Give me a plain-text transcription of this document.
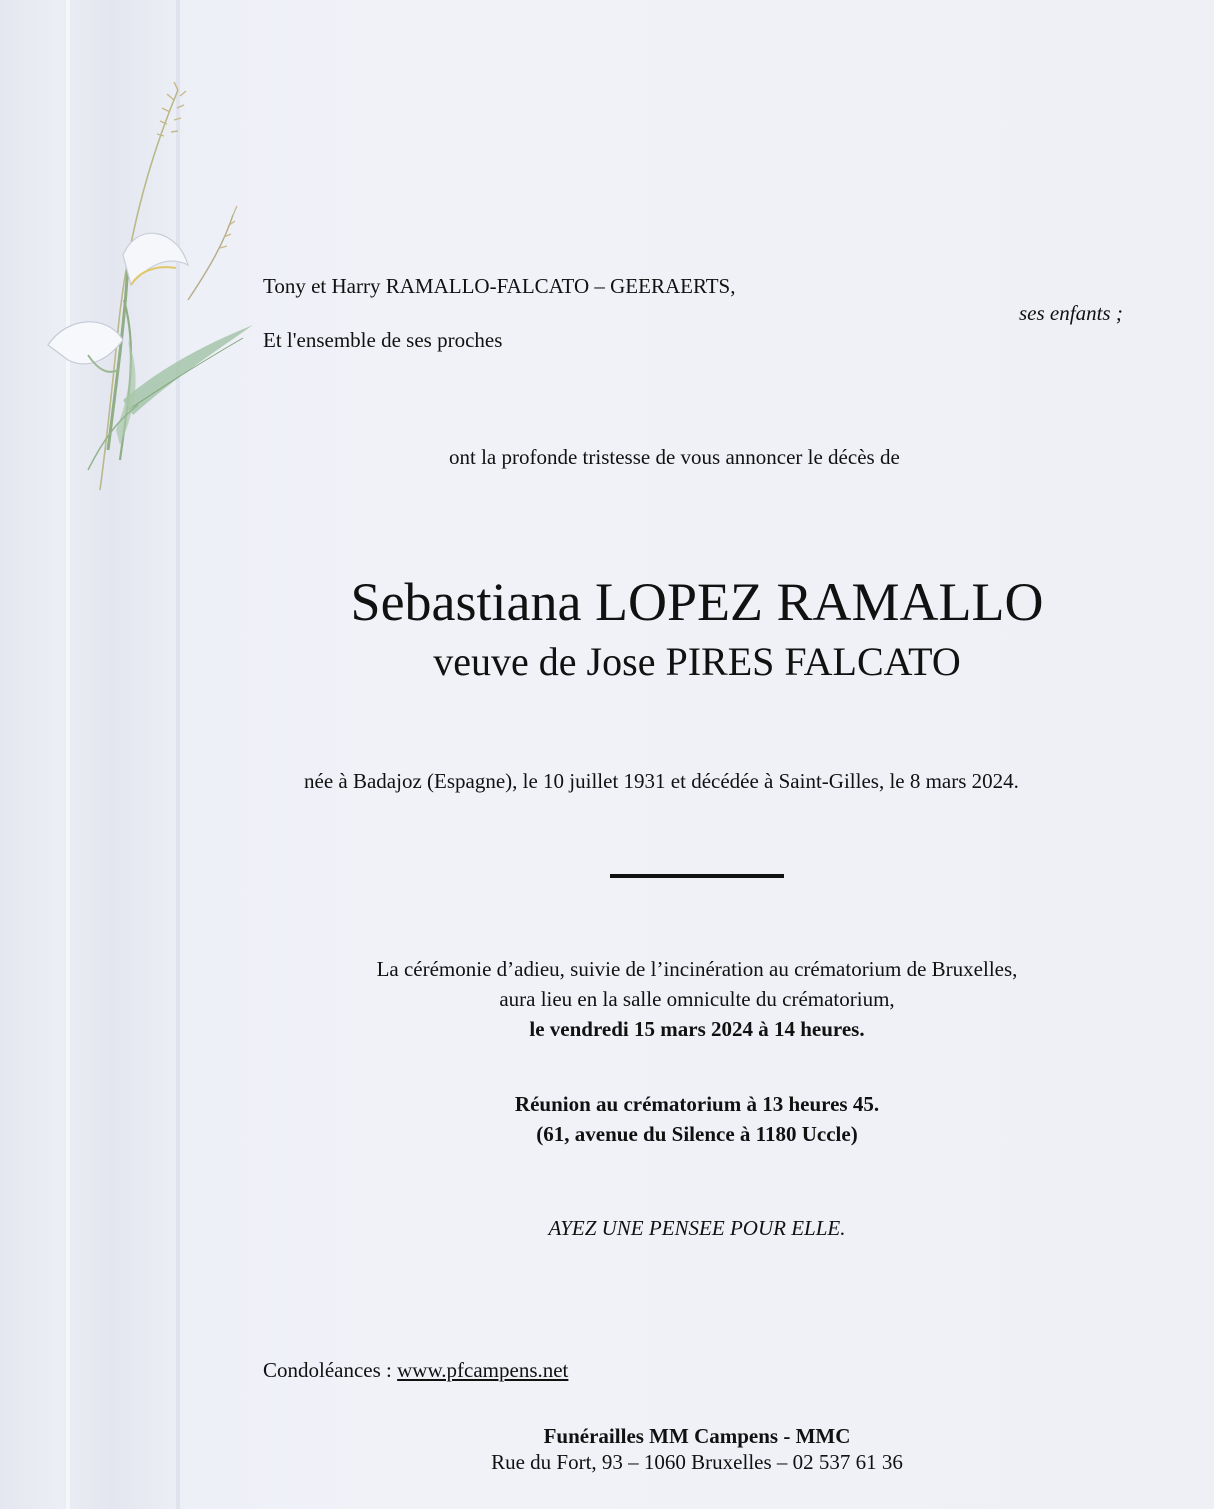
Tony et Harry RAMALLO-FALCATO – GEERAERTS,

ses enfants ;

Et l'ensemble de ses proches

ont la profonde tristesse de vous annoncer le décès de

Sebastiana LOPEZ RAMALLO

veuve de Jose PIRES FALCATO

née à Badajoz (Espagne), le 10 juillet 1931 et décédée à Saint-Gilles, le 8 mars 2024.

La cérémonie d’adieu, suivie de l’incinération au crématorium de Bruxelles,

aura lieu en la salle omniculte du crématorium,

le vendredi 15 mars 2024 à 14 heures.

Réunion au crématorium à 13 heures 45.

(61, avenue du Silence à 1180 Uccle)

AYEZ UNE PENSEE POUR ELLE.

Condoléances : www.pfcampens.net

Funérailles MM Campens - MMC

Rue du Fort, 93 – 1060 Bruxelles – 02 537 61 36
